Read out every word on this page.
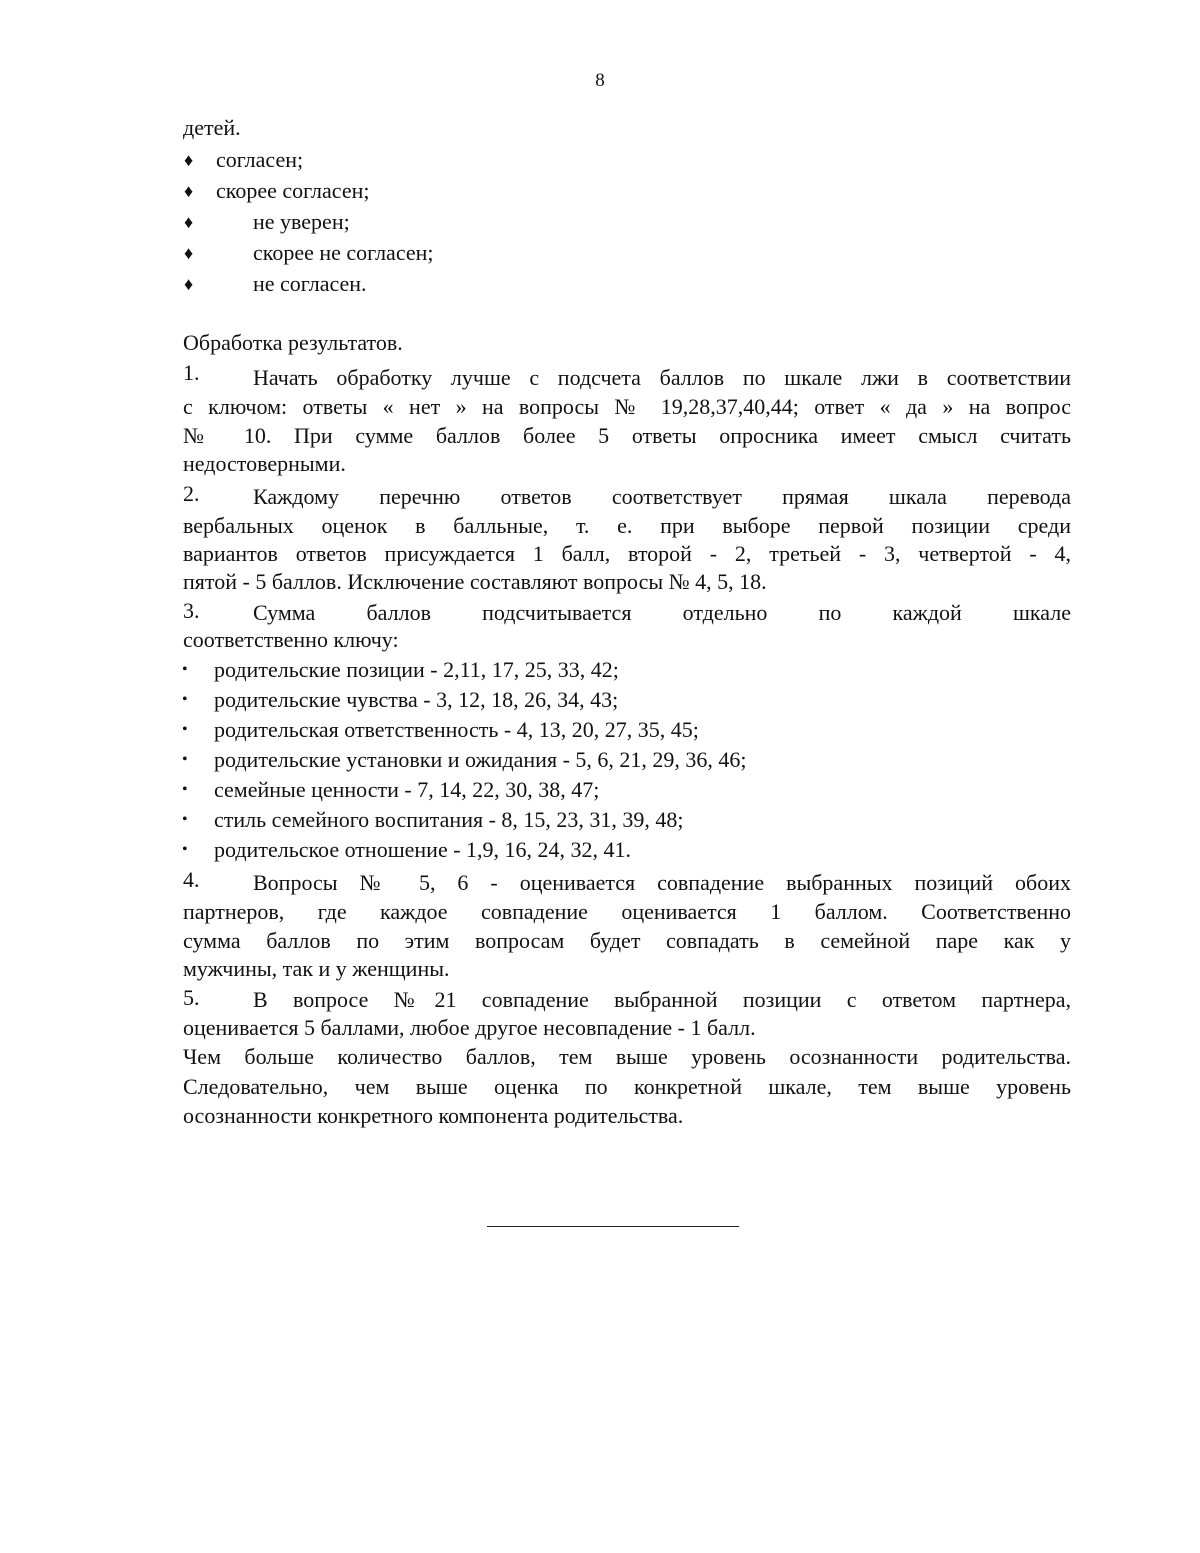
8
детей.
♦ согласен;
♦ скорее согласен;
♦	не уверен;
♦	скорее не согласен;
♦	не согласен.
Обработка результатов.
1. Начать обработку лучше с подсчета баллов по шкале лжи в соответствии
с ключом: ответы « нет » на вопросы № 19,28,37,40,44; ответ « да » на вопрос
№ 10. При сумме баллов более 5 ответы опросника имеет смысл считать
недостоверными.
2. Каждому перечню ответов соответствует прямая шкала перевода
вербальных оценок в балльные, т. е. при выборе первой позиции среди
вариантов ответов присуждается 1 балл, второй - 2, третьей - 3, четвертой - 4,
пятой - 5 баллов. Исключение составляют вопросы № 4, 5, 18.
3. Сумма баллов подсчитывается отдельно по каждой шкале
соответственно ключу:
• родительские позиции - 2,11, 17, 25, 33, 42;
• родительские чувства - 3, 12, 18, 26, 34, 43;
• родительская ответственность - 4, 13, 20, 27, 35, 45;
• родительские установки и ожидания - 5, 6, 21, 29, 36, 46;
• семейные ценности - 7, 14, 22, 30, 38, 47;
• стиль семейного воспитания - 8, 15, 23, 31, 39, 48;
• родительское отношение - 1,9, 16, 24, 32, 41.
4. Вопросы № 5, 6 - оценивается совпадение выбранных позиций обоих
партнеров, где каждое совпадение оценивается 1 баллом. Соответственно
сумма баллов по этим вопросам будет совпадать в семейной паре как у
мужчины, так и у женщины.
5. В вопросе №21 совпадение выбранной позиции с ответом партнера,
оценивается 5 баллами, любое другое несовпадение - 1 балл.
Чем больше количество баллов, тем выше уровень осознанности родительства.
Следовательно, чем выше оценка по конкретной шкале, тем выше уровень
осознанности конкретного компонента родительства.
